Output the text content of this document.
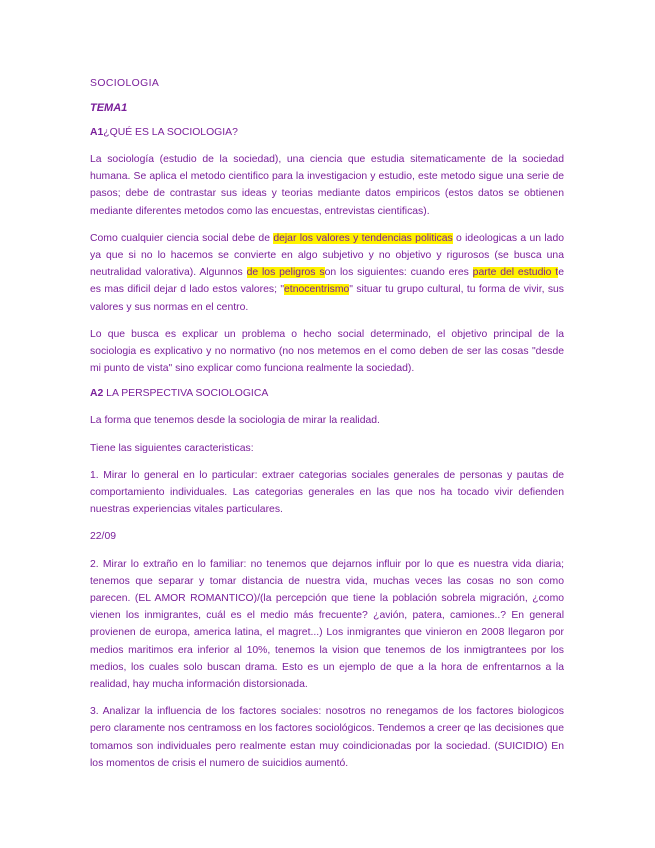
SOCIOLOGIA
TEMA1
A1¿QUÉ ES LA SOCIOLOGIA?

La sociología (estudio de la sociedad), una ciencia que estudia sitematicamente de la sociedad humana. Se aplica el metodo cientifico para la investigacion y estudio, este metodo sigue una serie de pasos; debe de contrastar sus ideas y teorias mediante datos empiricos (estos datos se obtienen mediante diferentes metodos como las encuestas, entrevistas cientificas).

Como cualquier ciencia social debe de dejar los valores y tendencias politicas o ideologicas a un lado ya que si no lo hacemos se convierte en algo subjetivo y no objetivo y rigurosos (se busca una neutralidad valorativa). Algunnos de los peligros son los siguientes: cuando eres parte del estudio te es mas dificil dejar d lado estos valores; "etnocentrismo" situar tu grupo cultural, tu forma de vivir, sus valores y sus normas en el centro.

Lo que busca es explicar un problema o hecho social determinado, el objetivo principal de la sociologia es explicativo y no normativo (no nos metemos en el como deben de ser las cosas "desde mi punto de vista" sino explicar como funciona realmente la sociedad).

A2 LA PERSPECTIVA SOCIOLOGICA

La forma que tenemos desde la sociologia de mirar la realidad.

Tiene las siguientes caracteristicas:

1. Mirar lo general en lo particular: extraer categorias sociales generales de personas y pautas de comportamiento individuales. Las categorias generales en las que nos ha tocado vivir defienden nuestras experiencias vitales particulares.

22/09

2. Mirar lo extraño en lo familiar: no tenemos que dejarnos influir por lo que es nuestra vida diaria; tenemos que separar y tomar distancia de nuestra vida, muchas veces las cosas no son como parecen. (EL AMOR ROMANTICO)/(la percepción que tiene la población sobrela migración, ¿como vienen los inmigrantes, cuál es el medio más frecuente? ¿avión, patera, camiones..? En general provienen de europa, america latina, el magret...) Los inmigrantes que vinieron en 2008 llegaron por medios maritimos era inferior al 10%, tenemos la vision que tenemos de los inmigtrantees por los medios, los cuales solo buscan drama. Esto es un ejemplo de que a la hora de enfrentarnos a la realidad, hay mucha información distorsionada.

3. Analizar la influencia de los factores sociales: nosotros no renegamos de los factores biologicos pero claramente nos centramoss en los factores sociológicos. Tendemos a creer qe las decisiones que tomamos son individuales pero realmente estan muy coindicionadas por la sociedad. (SUICIDIO) En los momentos de crisis el numero de suicidios aumentó.
